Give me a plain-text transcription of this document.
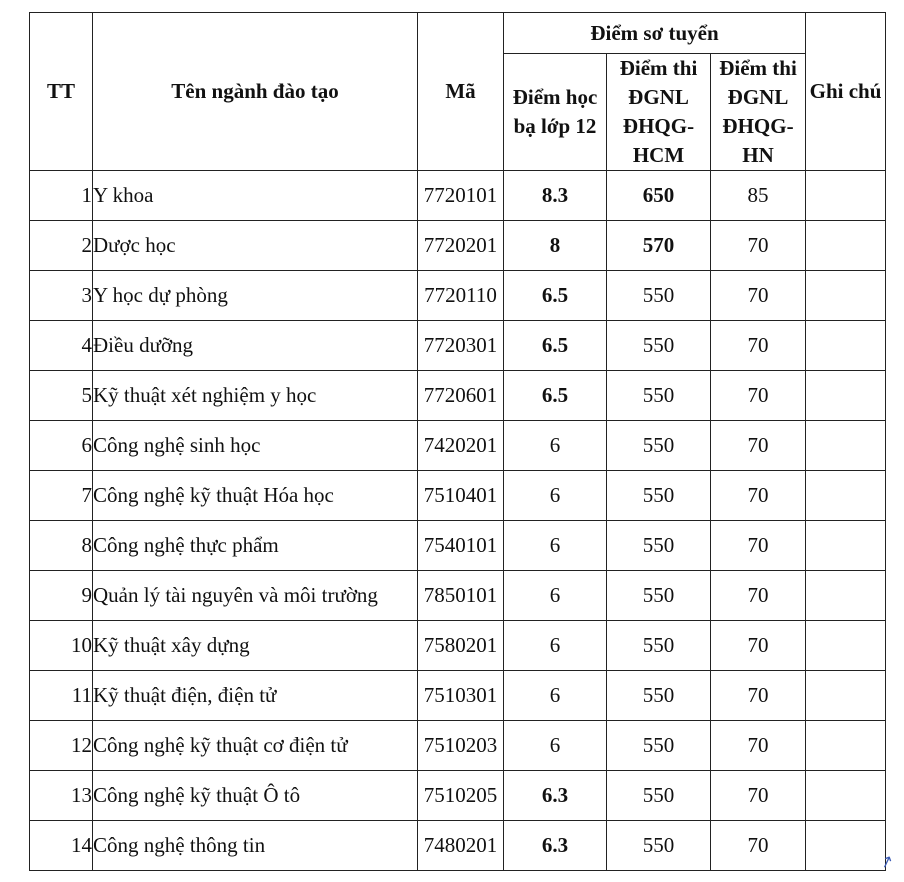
TT	Tên ngành đào tạo	Mã	Điểm sơ tuyển			Ghi chú
			Điểm học bạ lớp 12	Điểm thi ĐGNL ĐHQG-HCM	Điểm thi ĐGNL ĐHQG-HN	
1	Y khoa	7720101	8.3	650	85	
2	Dược học	7720201	8	570	70	
3	Y học dự phòng	7720110	6.5	550	70	
4	Điều dưỡng	7720301	6.5	550	70	
5	Kỹ thuật xét nghiệm y học	7720601	6.5	550	70	
6	Công nghệ sinh học	7420201	6	550	70	
7	Công nghệ kỹ thuật Hóa học	7510401	6	550	70	
8	Công nghệ thực phẩm	7540101	6	550	70	
9	Quản lý tài nguyên và môi trường	7850101	6	550	70	
10	Kỹ thuật xây dựng	7580201	6	550	70	
11	Kỹ thuật điện, điện tử	7510301	6	550	70	
12	Công nghệ kỹ thuật cơ điện tử	7510203	6	550	70	
13	Công nghệ kỹ thuật Ô tô	7510205	6.3	550	70	
14	Công nghệ thông tin	7480201	6.3	550	70	
↗
